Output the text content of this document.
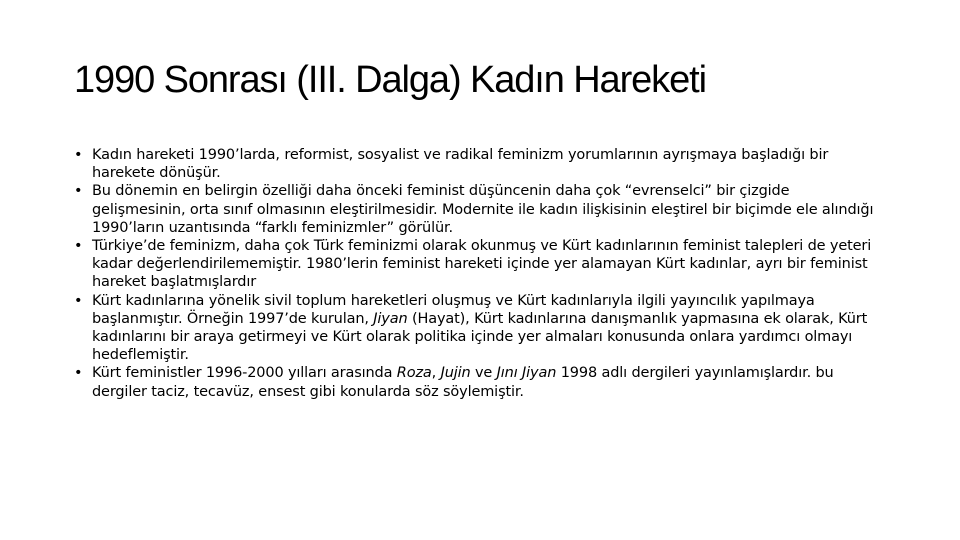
1990 Sonrası (III. Dalga) Kadın Hareketi
• Kadın hareketi 1990’larda, reformist, sosyalist ve radikal feminizm yorumlarının ayrışmaya başladığı bir harekete dönüşür.
• Bu dönemin en belirgin özelliği daha önceki feminist düşüncenin daha çok “evrenselci” bir çizgide gelişmesinin, orta sınıf olmasının eleştirilmesidir. Modernite ile kadın ilişkisinin eleştirel bir biçimde ele alındığı 1990’ların uzantısında “farklı feminizmler” görülür.
• Türkiye’de feminizm, daha çok Türk feminizmi olarak okunmuş ve Kürt kadınlarının feminist talepleri de yeteri kadar değerlendirilememiştir. 1980’lerin feminist hareketi içinde yer alamayan Kürt kadınlar, ayrı bir feminist hareket başlatmışlardır
• Kürt kadınlarına yönelik sivil toplum hareketleri oluşmuş ve Kürt kadınlarıyla ilgili yayıncılık yapılmaya başlanmıştır. Örneğin 1997’de kurulan, Jiyan (Hayat), Kürt kadınlarına danışmanlık yapmasına ek olarak, Kürt kadınlarını bir araya getirmeyi ve Kürt olarak politika içinde yer almaları konusunda onlara yardımcı olmayı hedeflemiştir.
• Kürt feministler 1996-2000 yılları arasında Roza, Jujin ve Jını Jiyan 1998 adlı dergileri yayınlamışlardır. bu dergiler taciz, tecavüz, ensest gibi konularda söz söylemiştir.
